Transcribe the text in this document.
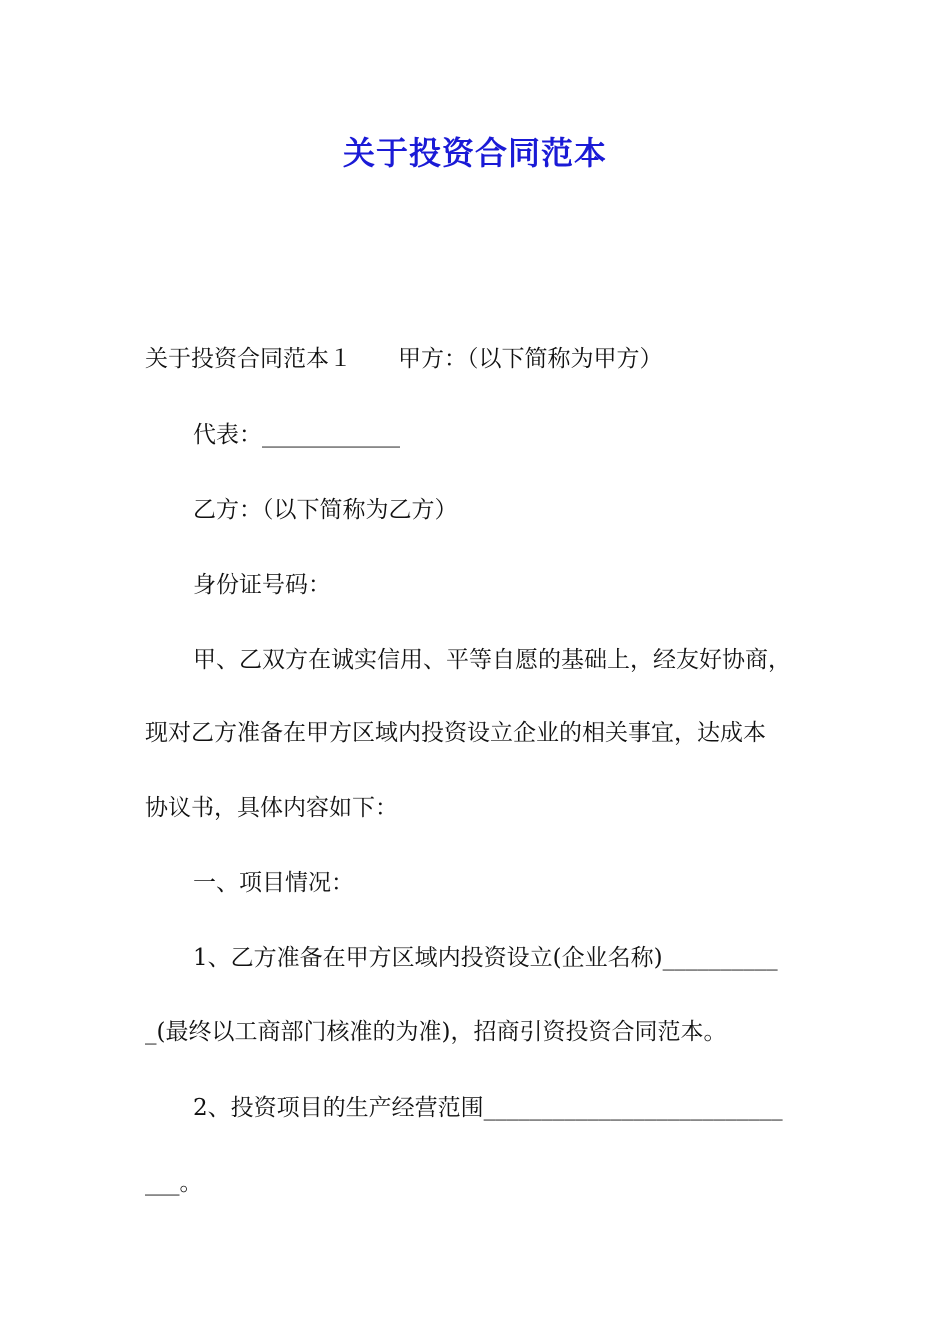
关于投资合同范本
关于投资合同范本１ 甲方：（以下简称为甲方）
代表：____________
乙方：（以下简称为乙方）
身份证号码：
甲、乙双方在诚实信用、平等自愿的基础上，经友好协商，
现对乙方准备在甲方区域内投资设立企业的相关事宜，达成本
协议书，具体内容如下：
一、项目情况：
1、乙方准备在甲方区域内投资设立(企业名称)__________
_(最终以工商部门核准的为准)，招商引资投资合同范本。
2、投资项目的生产经营范围__________________________
___。
